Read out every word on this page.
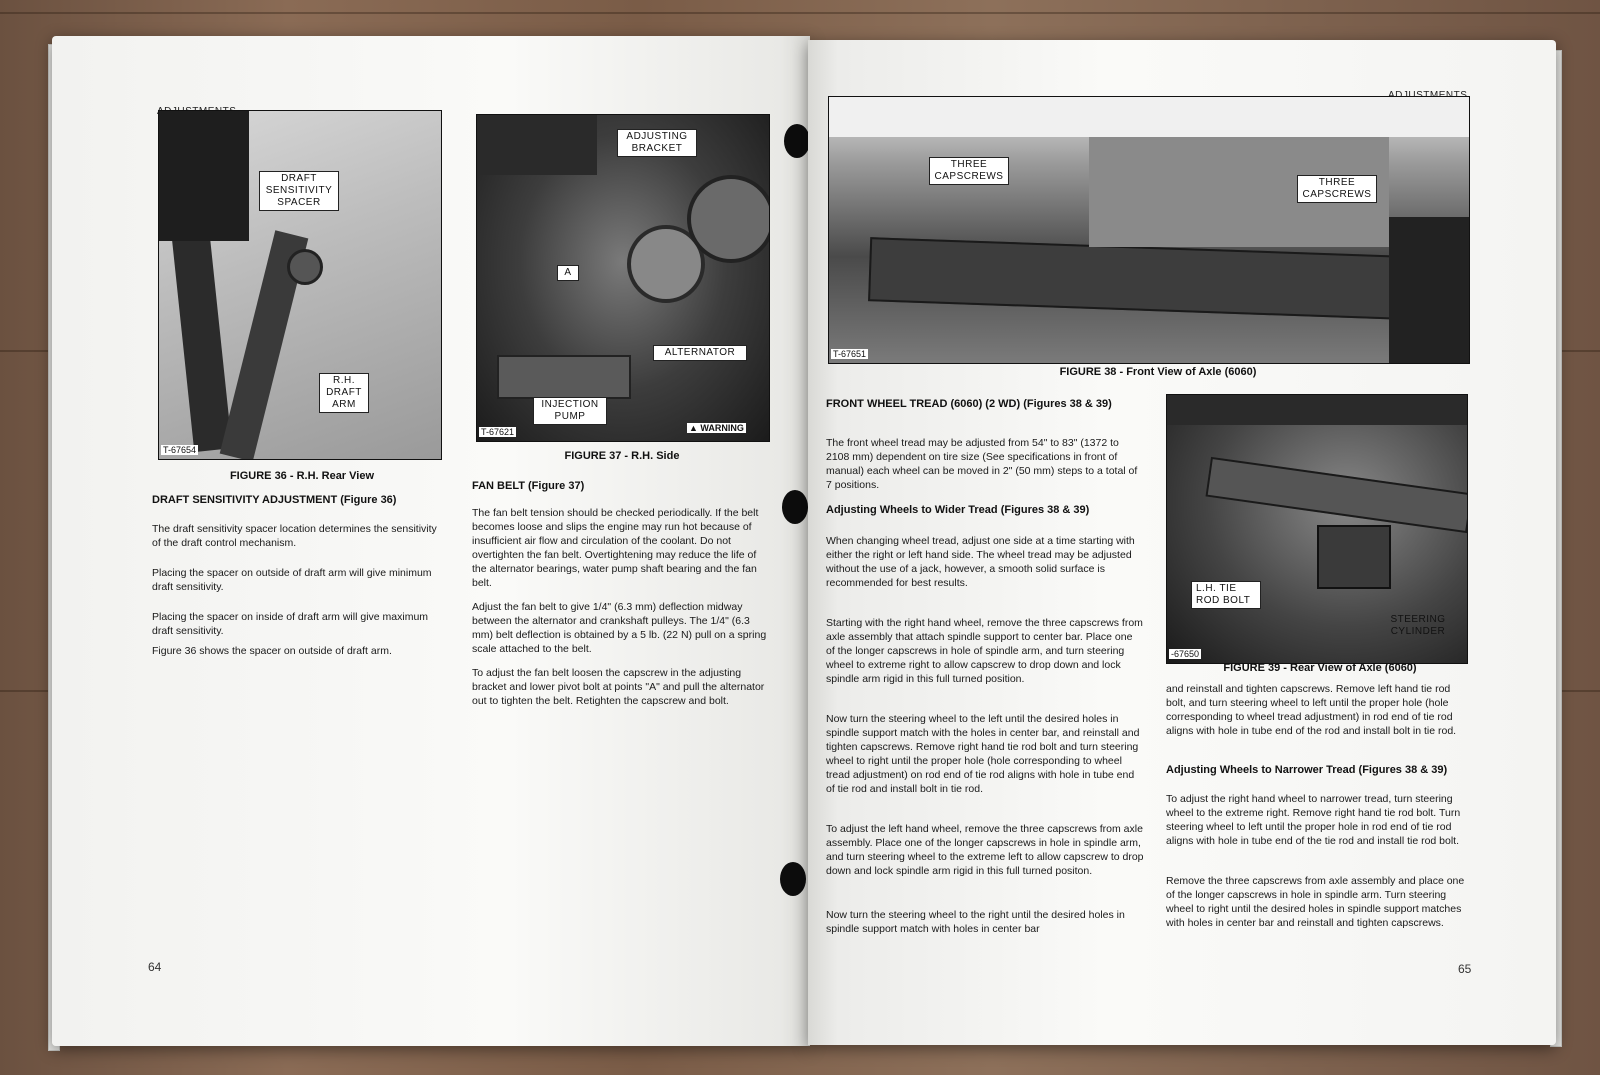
DRAFT SENSITIVITY SPACER
R.H. DRAFT ARM
T-67654
FIGURE 36 - R.H. Rear View
ADJUSTING BRACKET
A
ALTERNATOR
INJECTION PUMP
T-67621	▲ WARNING
FIGURE 37 - R.H. Side
DRAFT SENSITIVITY ADJUSTMENT (Figure 36)

The draft sensitivity spacer location determines the sensitivity of the draft control mechanism.

Placing the spacer on outside of draft arm will give minimum draft sensitivity.

Placing the spacer on inside of draft arm will give maximum draft sensitivity.

Figure 36 shows the spacer on outside of draft arm.

FAN BELT (Figure 37)

The fan belt tension should be checked periodically. If the belt becomes loose and slips the engine may run hot because of insufficient air flow and circulation of the coolant. Do not overtighten the fan belt. Overtightening may reduce the life of the alternator bearings, water pump shaft bearing and the fan belt.

Adjust the fan belt to give 1/4" (6.3 mm) deflection midway between the alternator and crankshaft pulleys. The 1/4" (6.3 mm) belt deflection is obtained by a 5 lb. (22 N) pull on a spring scale attached to the belt.

To adjust the fan belt loosen the capscrew in the adjusting bracket and lower pivot bolt at points "A" and pull the alternator out to tighten the belt. Retighten the capscrew and bolt.

64
THREE CAPSCREWS
THREE CAPSCREWS
T-67651
FIGURE 38 - Front View of Axle (6060)
L.H. TIE ROD BOLT
STEERING CYLINDER
-67650
FIGURE 39 - Rear View of Axle (6060)
FRONT WHEEL TREAD (6060) (2 WD) (Figures 38 & 39)

The front wheel tread may be adjusted from 54" to 83" (1372 to 2108 mm) dependent on tire size (See specifications in front of manual) each wheel can be moved in 2" (50 mm) steps to a total of 7 positions.

Adjusting Wheels to Wider Tread (Figures 38 & 39)

When changing wheel tread, adjust one side at a time starting with either the right or left hand side. The wheel tread may be adjusted without the use of a jack, however, a smooth solid surface is recommended for best results.

Starting with the right hand wheel, remove the three capscrews from axle assembly that attach spindle support to center bar. Place one of the longer capscrews in hole of spindle arm, and turn steering wheel to extreme right to allow capscrew to drop down and lock spindle arm rigid in this full turned position.

Now turn the steering wheel to the left until the desired holes in spindle support match with the holes in center bar, and reinstall and tighten capscrews. Remove right hand tie rod bolt and turn steering wheel to right until the proper hole (hole corresponding to wheel tread adjustment) on rod end of tie rod aligns with hole in tube end of tie rod and install bolt in tie rod.

To adjust the left hand wheel, remove the three capscrews from axle assembly. Place one of the longer capscrews in hole in spindle arm, and turn steering wheel to the extreme left to allow capscrew to drop down and lock spindle arm rigid in this full turned positon.

Now turn the steering wheel to the right until the desired holes in spindle support match with holes in center bar

and reinstall and tighten capscrews. Remove left hand tie rod bolt, and turn steering wheel to left until the proper hole (hole corresponding to wheel tread adjustment) in rod end of tie rod aligns with hole in tube end of the rod and install bolt in tie rod.

Adjusting Wheels to Narrower Tread (Figures 38 & 39)

To adjust the right hand wheel to narrower tread, turn steering wheel to the extreme right. Remove right hand tie rod bolt. Turn steering wheel to left until the proper hole in rod end of tie rod aligns with hole in tube end of the tie rod and install tie rod bolt.

Remove the three capscrews from axle assembly and place one of the longer capscrews in hole in spindle arm. Turn steering wheel to right until the desired holes in spindle support matches with holes in center bar and reinstall and tighten capscrews.

65
